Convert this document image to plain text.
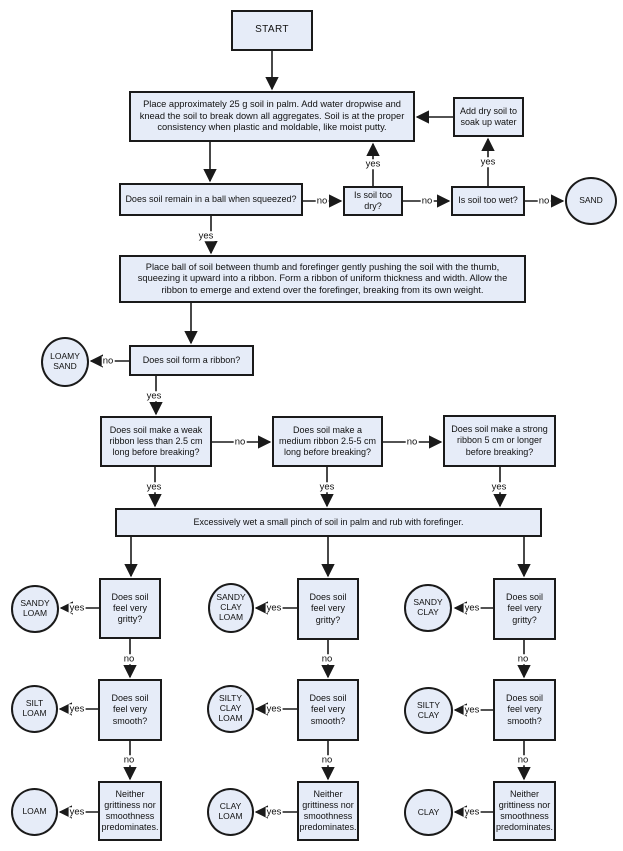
START
Place approximately 25 g soil in palm. Add water dropwise and knead the soil to break down all aggregates. Soil is at the proper consistency when plastic and moldable, like moist putty.
Add dry soil to soak up water
Does soil remain in a ball when squeezed?	Is soil too dry?
Is soil too wet?	SAND
Place ball of soil between thumb and forefinger gently pushing the soil with the thumb, squeezing it upward into a ribbon. Form a ribbon of uniform thickness and width. Allow the ribbon to emerge and extend over the forefinger, breaking from its own weight.
LOAMY SAND
Does soil form a ribbon?
Does soil make a weak ribbon less than 2.5 cm long before breaking?
Does soil make a medium ribbon 2.5-5 cm long before breaking?
Does soil make a strong ribbon 5 cm or longer before breaking?
Excessively wet a small pinch of soil in palm and rub with forefinger.
SANDY LOAM
Does soil feel very gritty?
SILT LOAM
Does soil feel very smooth?
LOAM
Neither grittiness nor smoothness predominates.
SANDY CLAY LOAM
Does soil feel very gritty?
SILTY CLAY LOAM
Does soil feel very smooth?
CLAY LOAM
Neither grittiness nor smoothness predominates.
SANDY CLAY
Does soil feel very gritty?
SILTY CLAY
Does soil feel very smooth?
CLAY
Neither grittiness nor smoothness predominates.
no
yes
no
yes
no
yes
no
yes
no	no
yes	yes	yes
yes
no
yes
no
yes
yes
no
yes
no
yes
yes
no
yes
no
yes
